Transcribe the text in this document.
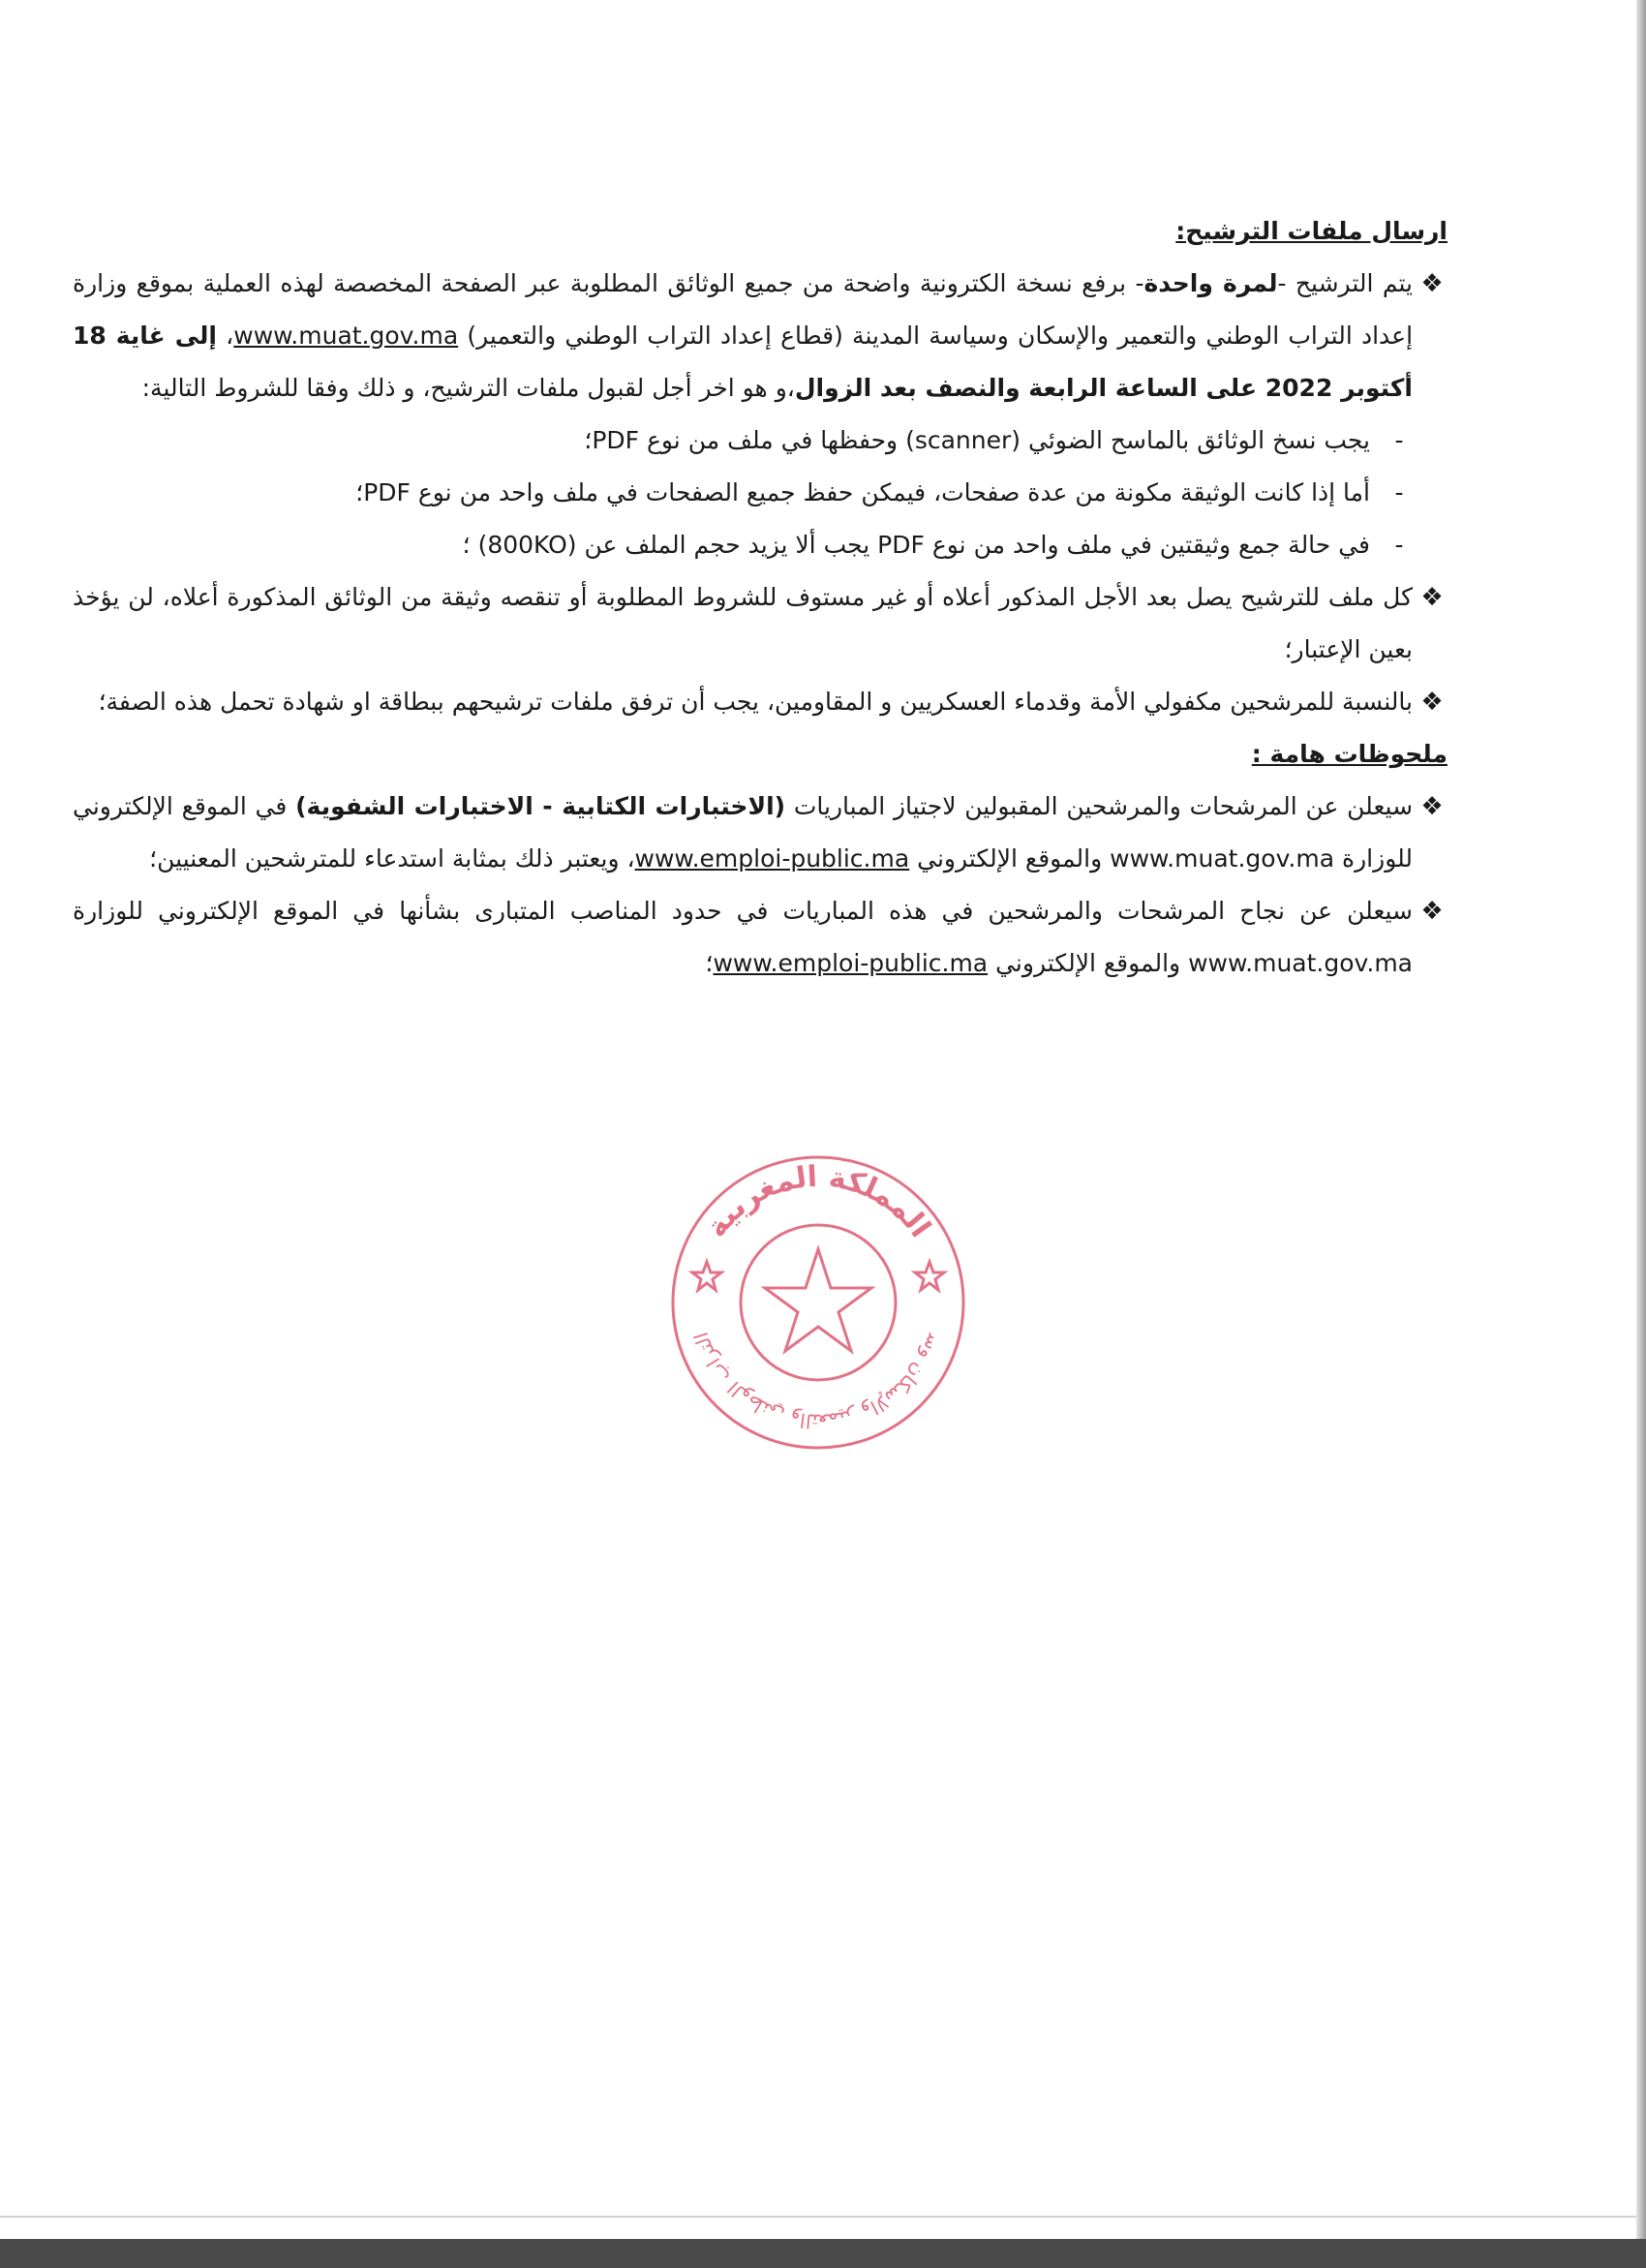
ارسال ملفات الترشيح:

❖
يتم الترشيح -لمرة واحدة- برفع نسخة الكترونية واضحة من جميع الوثائق المطلوبة عبر الصفحة المخصصة لهذه العملية بموقع وزارة إعداد التراب الوطني والتعمير والإسكان وسياسة المدينة (قطاع إعداد التراب الوطني والتعمير) www.muat.gov.ma، إلى غاية 18 أكتوبر 2022 على الساعة الرابعة والنصف بعد الزوال،و هو اخر أجل لقبول ملفات الترشيح، و ذلك وفقا للشروط التالية:

-
يجب نسخ الوثائق بالماسح الضوئي (scanner) وحفظها في ملف من نوع PDF؛

-
أما إذا كانت الوثيقة مكونة من عدة صفحات، فيمكن حفظ جميع الصفحات في ملف واحد من نوع PDF؛

-
في حالة جمع وثيقتين في ملف واحد من نوع PDF يجب ألا يزيد حجم الملف عن (800KO) ؛

❖
كل ملف للترشيح يصل بعد الأجل المذكور أعلاه أو غير مستوف للشروط المطلوبة أو تنقصه وثيقة من الوثائق المذكورة أعلاه، لن يؤخذ بعين الإعتبار؛

❖
بالنسبة للمرشحين مكفولي الأمة وقدماء العسكريين و المقاومين، يجب أن ترفق ملفات ترشيحهم ببطاقة او شهادة تحمل هذه الصفة؛

ملحوظات هامة :

❖
سيعلن عن المرشحات والمرشحين المقبولين لاجتياز المباريات (الاختبارات الكتابية - الاختبارات الشفوية) في الموقع الإلكتروني للوزارة www.muat.gov.ma والموقع الإلكتروني www.emploi-public.ma، ويعتبر ذلك بمثابة استدعاء للمترشحين المعنيين؛

❖
سيعلن عن نجاح المرشحات والمرشحين في هذه المباريات في حدود المناصب المتبارى بشأنها في الموقع الإلكتروني للوزارة www.muat.gov.ma والموقع الإلكتروني www.emploi-public.ma؛

المملكة المغربية
التراب الوطني والتعمير والإسكان وس
